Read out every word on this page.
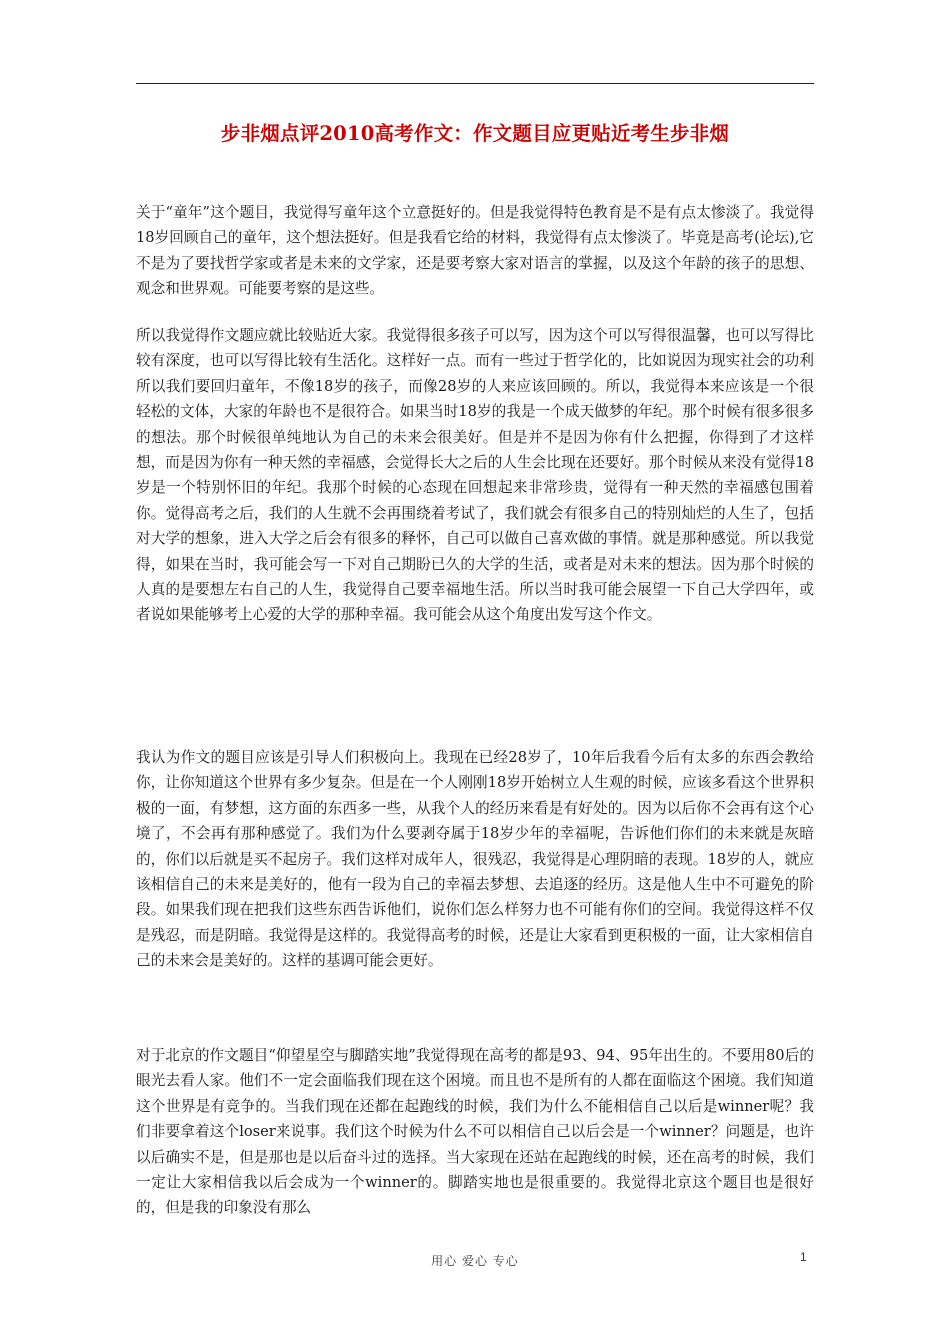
步非烟点评2010高考作文：作文题目应更贴近考生步非烟

关于“童年”这个题目，我觉得写童年这个立意挺好的。但是我觉得特色教育是不是有点太惨淡了。我觉得18岁回顾自己的童年，这个想法挺好。但是我看它给的材料，我觉得有点太惨淡了。毕竟是高考(论坛),它不是为了要找哲学家或者是未来的文学家，还是要考察大家对语言的掌握，以及这个年龄的孩子的思想、观念和世界观。可能要考察的是这些。

所以我觉得作文题应就比较贴近大家。我觉得很多孩子可以写，因为这个可以写得很温馨，也可以写得比较有深度，也可以写得比较有生活化。这样好一点。而有一些过于哲学化的，比如说因为现实社会的功利所以我们要回归童年，不像18岁的孩子，而像28岁的人来应该回顾的。所以，我觉得本来应该是一个很轻松的文体，大家的年龄也不是很符合。如果当时18岁的我是一个成天做梦的年纪。那个时候有很多很多的想法。那个时候很单纯地认为自己的未来会很美好。但是并不是因为你有什么把握，你得到了才这样想，而是因为你有一种天然的幸福感，会觉得长大之后的人生会比现在还要好。那个时候从来没有觉得18岁是一个特别怀旧的年纪。我那个时候的心态现在回想起来非常珍贵，觉得有一种天然的幸福感包围着你。觉得高考之后，我们的人生就不会再围绕着考试了，我们就会有很多自己的特别灿烂的人生了，包括对大学的想象，进入大学之后会有很多的释怀，自己可以做自己喜欢做的事情。就是那种感觉。所以我觉得，如果在当时，我可能会写一下对自己期盼已久的大学的生活，或者是对未来的想法。因为那个时候的人真的是要想左右自己的人生，我觉得自己要幸福地生活。所以当时我可能会展望一下自己大学四年，或者说如果能够考上心爱的大学的那种幸福。我可能会从这个角度出发写这个作文。

我认为作文的题目应该是引导人们积极向上。我现在已经28岁了，10年后我看今后有太多的东西会教给你，让你知道这个世界有多少复杂。但是在一个人刚刚18岁开始树立人生观的时候，应该多看这个世界积极的一面，有梦想，这方面的东西多一些，从我个人的经历来看是有好处的。因为以后你不会再有这个心境了，不会再有那种感觉了。我们为什么要剥夺属于18岁少年的幸福呢，告诉他们你们的未来就是灰暗的，你们以后就是买不起房子。我们这样对成年人，很残忍，我觉得是心理阴暗的表现。18岁的人，就应该相信自己的未来是美好的，他有一段为自己的幸福去梦想、去追逐的经历。这是他人生中不可避免的阶段。如果我们现在把我们这些东西告诉他们，说你们怎么样努力也不可能有你们的空间。我觉得这样不仅是残忍，而是阴暗。我觉得是这样的。我觉得高考的时候，还是让大家看到更积极的一面，让大家相信自己的未来会是美好的。这样的基调可能会更好。

对于北京的作文题目“仰望星空与脚踏实地”我觉得现在高考的都是93、94、95年出生的。不要用80后的眼光去看人家。他们不一定会面临我们现在这个困境。而且也不是所有的人都在面临这个困境。我们知道这个世界是有竞争的。当我们现在还都在起跑线的时候，我们为什么不能相信自己以后是winner呢？我们非要拿着这个loser来说事。我们这个时候为什么不可以相信自己以后会是一个winner？问题是，也许以后确实不是，但是那也是以后奋斗过的选择。当大家现在还站在起跑线的时候，还在高考的时候，我们一定让大家相信我以后会成为一个winner的。脚踏实地也是很重要的。我觉得北京这个题目也是很好的，但是我的印象没有那么

用心 爱心 专心	1
